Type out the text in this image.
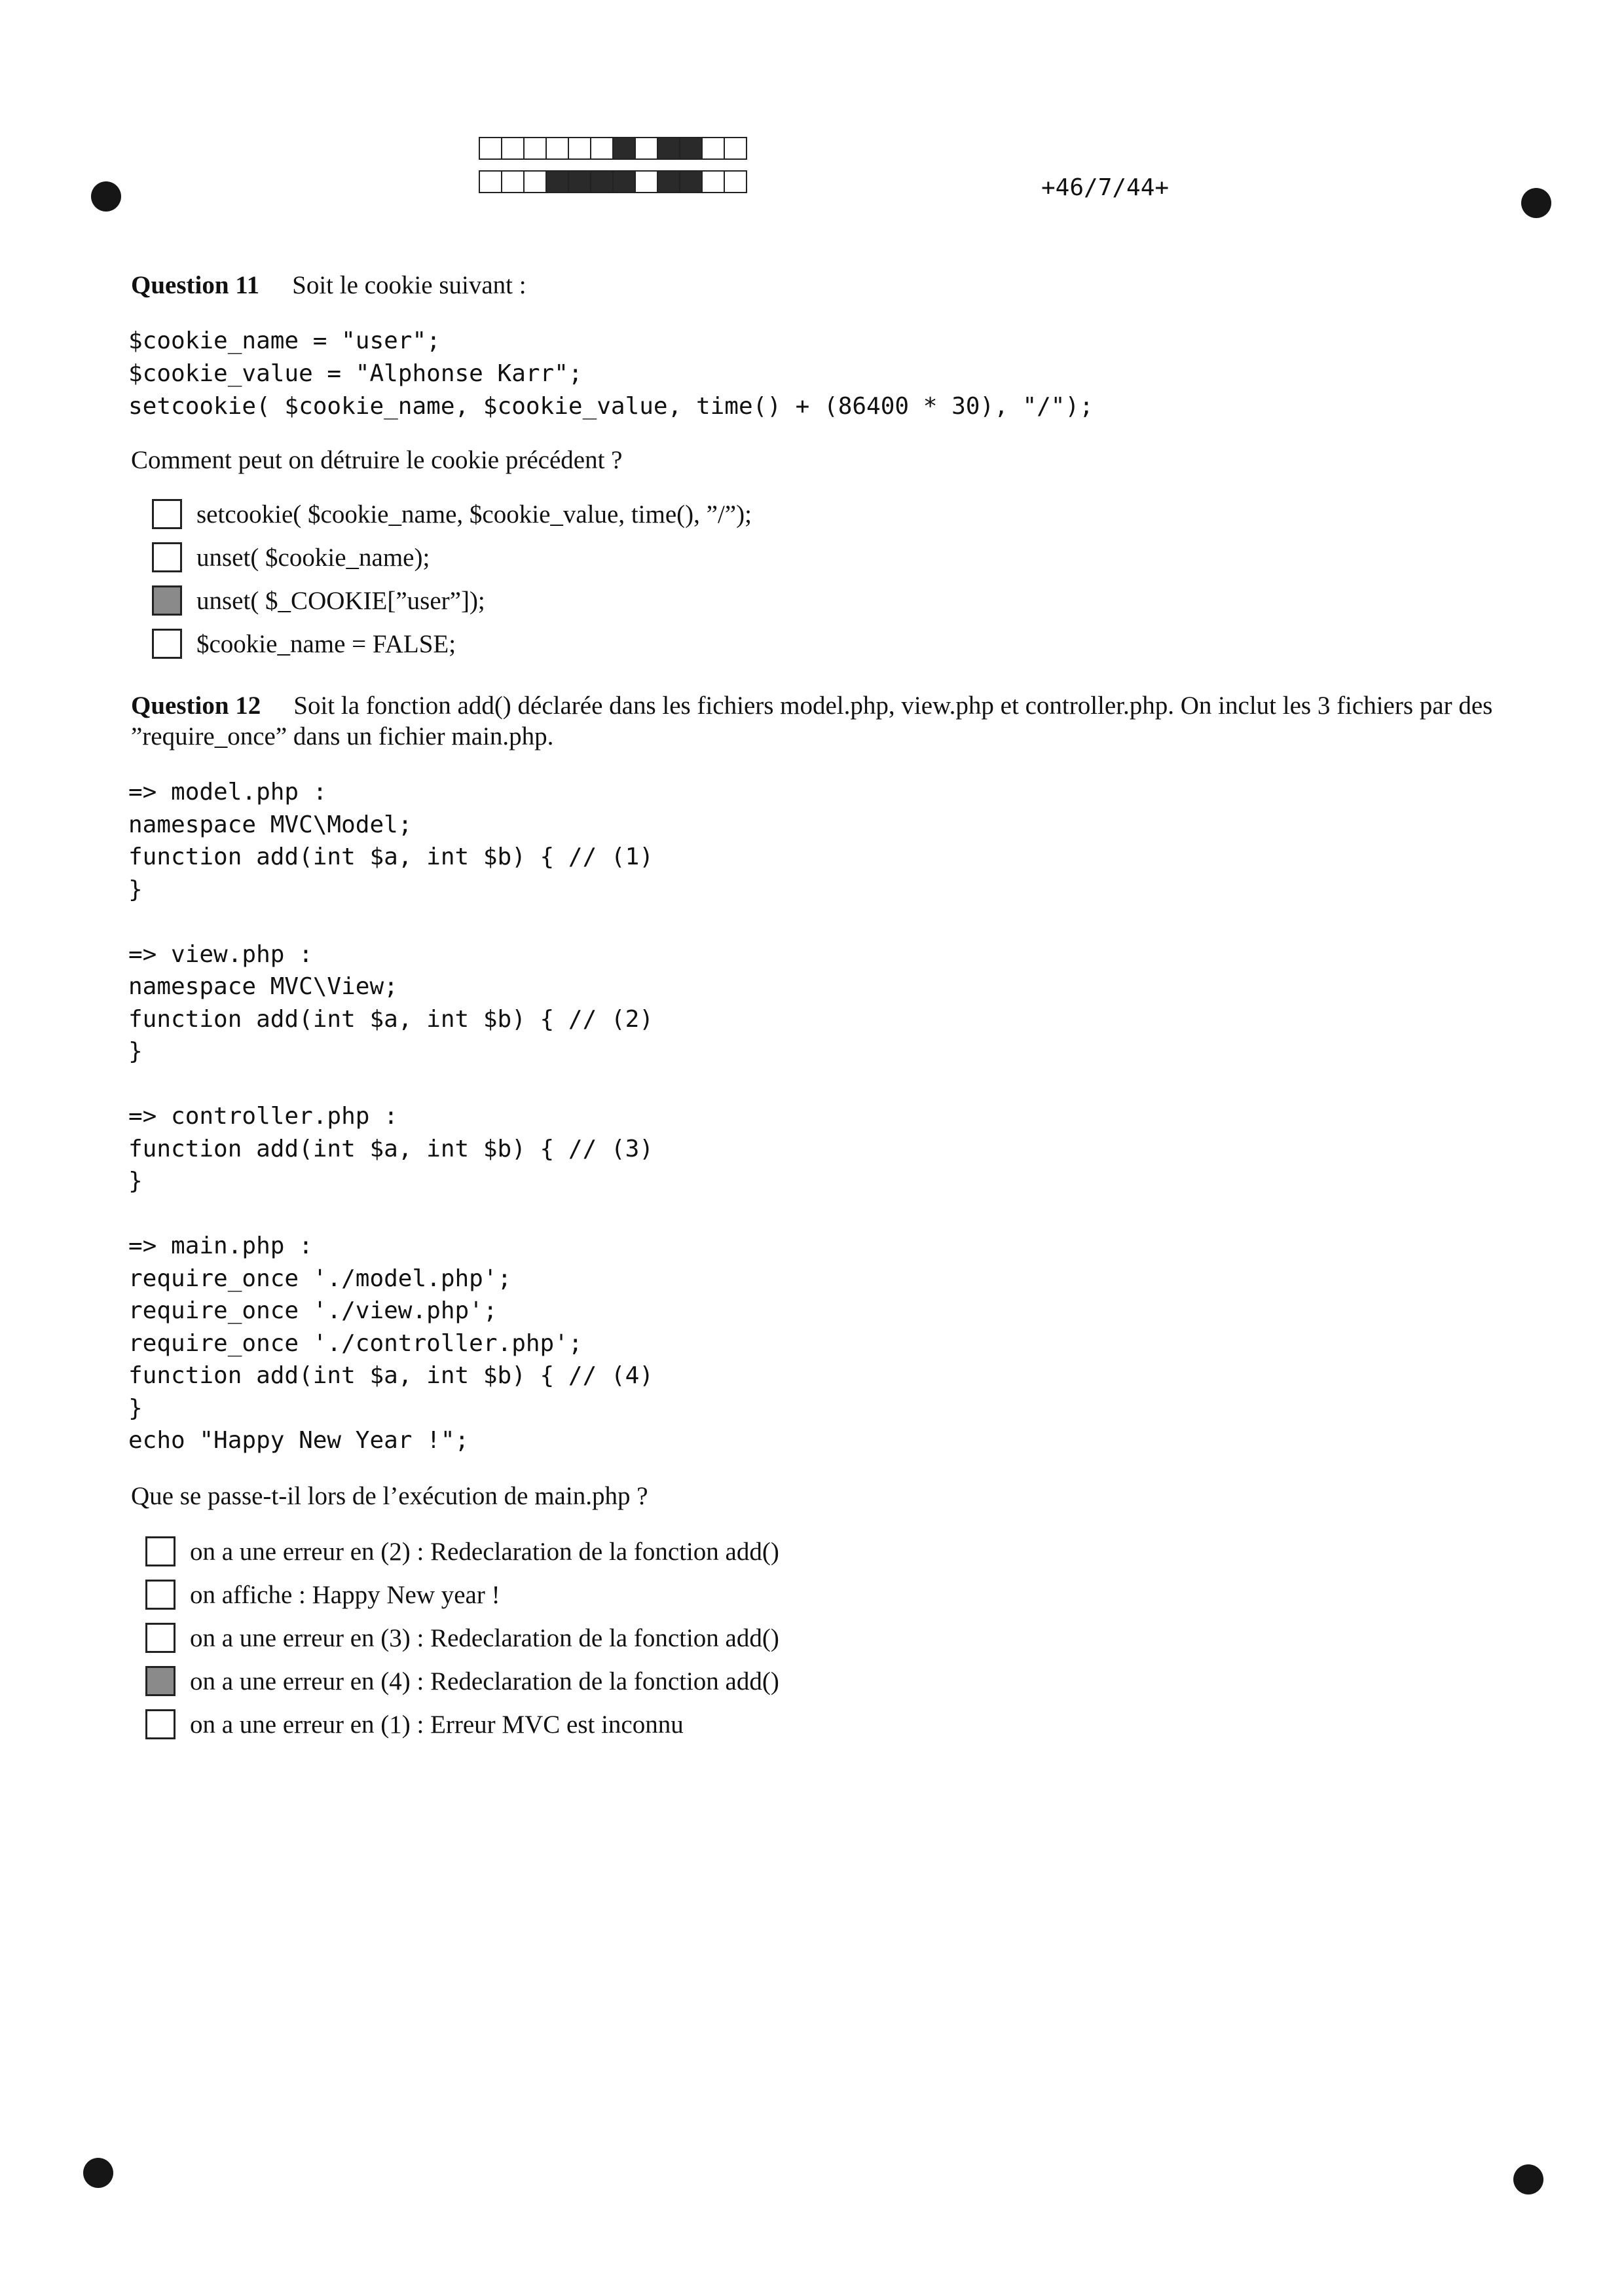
+46/7/44+
Question 11 Soit le cookie suivant :
$cookie_name = "user";
$cookie_value = "Alphonse Karr";
setcookie( $cookie_name, $cookie_value, time() + (86400 * 30), "/");
Comment peut on détruire le cookie précédent ?
setcookie( $cookie_name, $cookie_value, time(), ”/”);
unset( $cookie_name);
unset( $_COOKIE[”user”]);
$cookie_name = FALSE;
Question 12 Soit la fonction add() déclarée dans les fichiers model.php, view.php et controller.php. On inclut les 3 fichiers par des ”require_once” dans un fichier main.php.
=> model.php :
namespace MVC\Model;
function add(int $a, int $b) { // (1)
}

=> view.php :
namespace MVC\View;
function add(int $a, int $b) { // (2)
}

=> controller.php :
function add(int $a, int $b) { // (3)
}

=> main.php :
require_once './model.php';
require_once './view.php';
require_once './controller.php';
function add(int $a, int $b) { // (4)
}
echo "Happy New Year !";
Que se passe-t-il lors de l’exécution de main.php ?
on a une erreur en (2) : Redeclaration de la fonction add()
on affiche : Happy New year !
on a une erreur en (3) : Redeclaration de la fonction add()
on a une erreur en (4) : Redeclaration de la fonction add()
on a une erreur en (1) : Erreur MVC est inconnu
